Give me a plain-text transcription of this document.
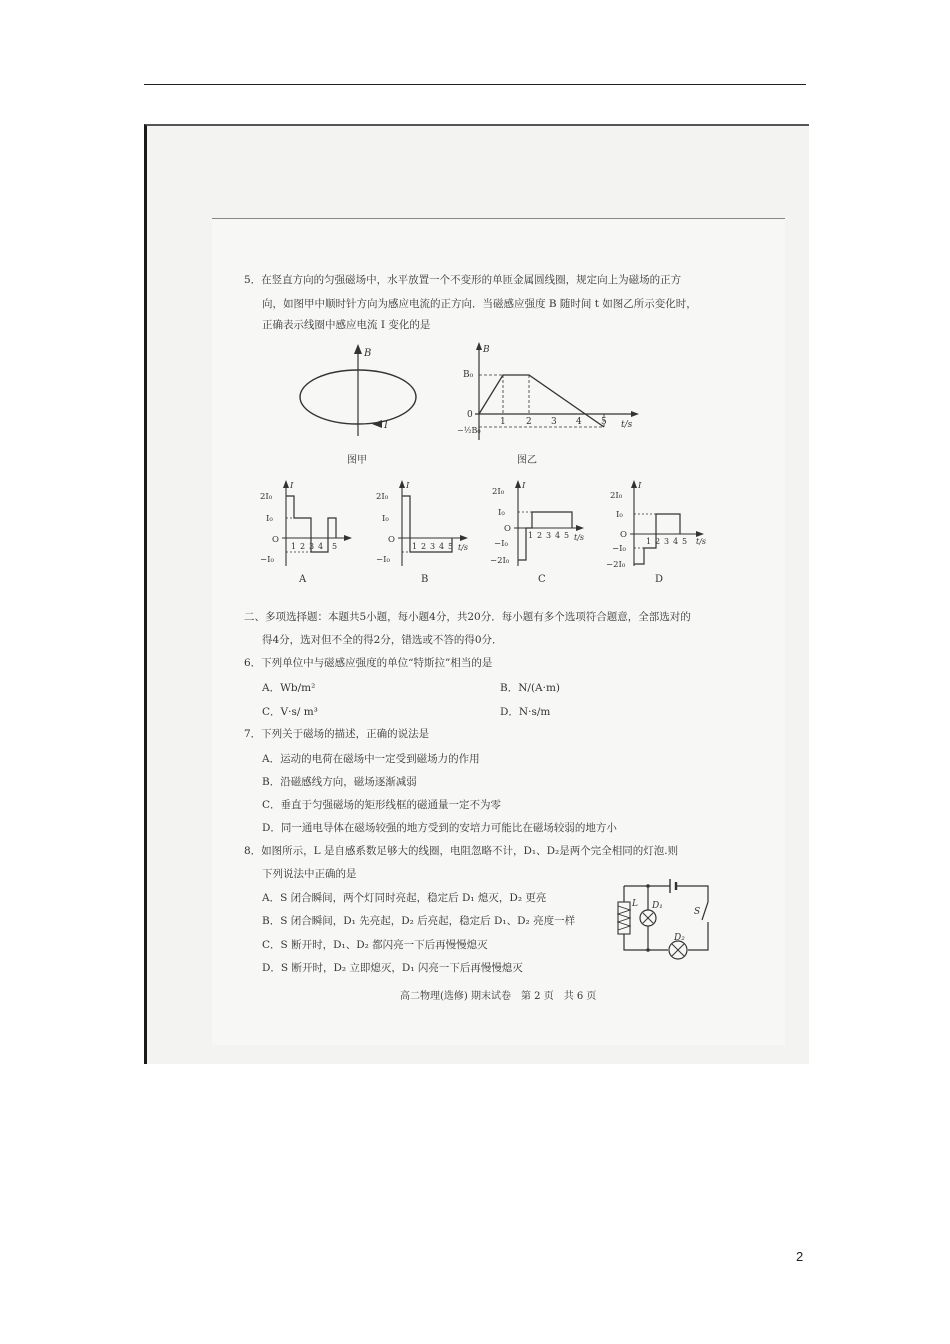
5．在竖直方向的匀强磁场中，水平放置一个不变形的单匝金属圆线圈，规定向上为磁场的正方
向，如图甲中顺时针方向为感应电流的正方向．当磁感应强度 B 随时间 t 如图乙所示变化时，
正确表示线圈中感应电流 I 变化的是
B
I
图甲
B₀
0
−½B₀
1 2 3 4 5 t/s
B
图乙
2I₀
I₀
O
−I₀
1 2 3 4 5
I
A
2I₀
I₀
O
−I₀
1 2 3 4 5 t/s
I
B
2I₀
I₀
O
−I₀
−2I₀
1 2 3 4 5 t/s
I
C
2I₀
I₀
O
−I₀
−2I₀
1 2 3 4 5 t/s
I
D
二、多项选择题：本题共5小题，每小题4分，共20分．每小题有多个选项符合题意，全部选对的
得4分，选对但不全的得2分，错选或不答的得0分．
6．下列单位中与磁感应强度的单位“特斯拉”相当的是
A．Wb/m²	B．N/(A·m)
C．V·s/ m³	D．N·s/m
7．下列关于磁场的描述，正确的说法是
A．运动的电荷在磁场中一定受到磁场力的作用
B．沿磁感线方向，磁场逐渐减弱
C．垂直于匀强磁场的矩形线框的磁通量一定不为零
D．同一通电导体在磁场较强的地方受到的安培力可能比在磁场较弱的地方小
8．如图所示，L 是自感系数足够大的线圈，电阻忽略不计，D₁、D₂是两个完全相同的灯泡.则
下列说法中正确的是
A．S 闭合瞬间，两个灯同时亮起，稳定后 D₁ 熄灭，D₂ 更亮
B．S 闭合瞬间，D₁ 先亮起，D₂ 后亮起，稳定后 D₁、D₂ 亮度一样
C．S 断开时，D₁、D₂ 都闪亮一下后再慢慢熄灭
D．S 断开时，D₂ 立即熄灭，D₁ 闪亮一下后再慢慢熄灭
L D₁
D₂
S
高二物理(选修) 期末试卷　第 2 页　共 6 页
2
